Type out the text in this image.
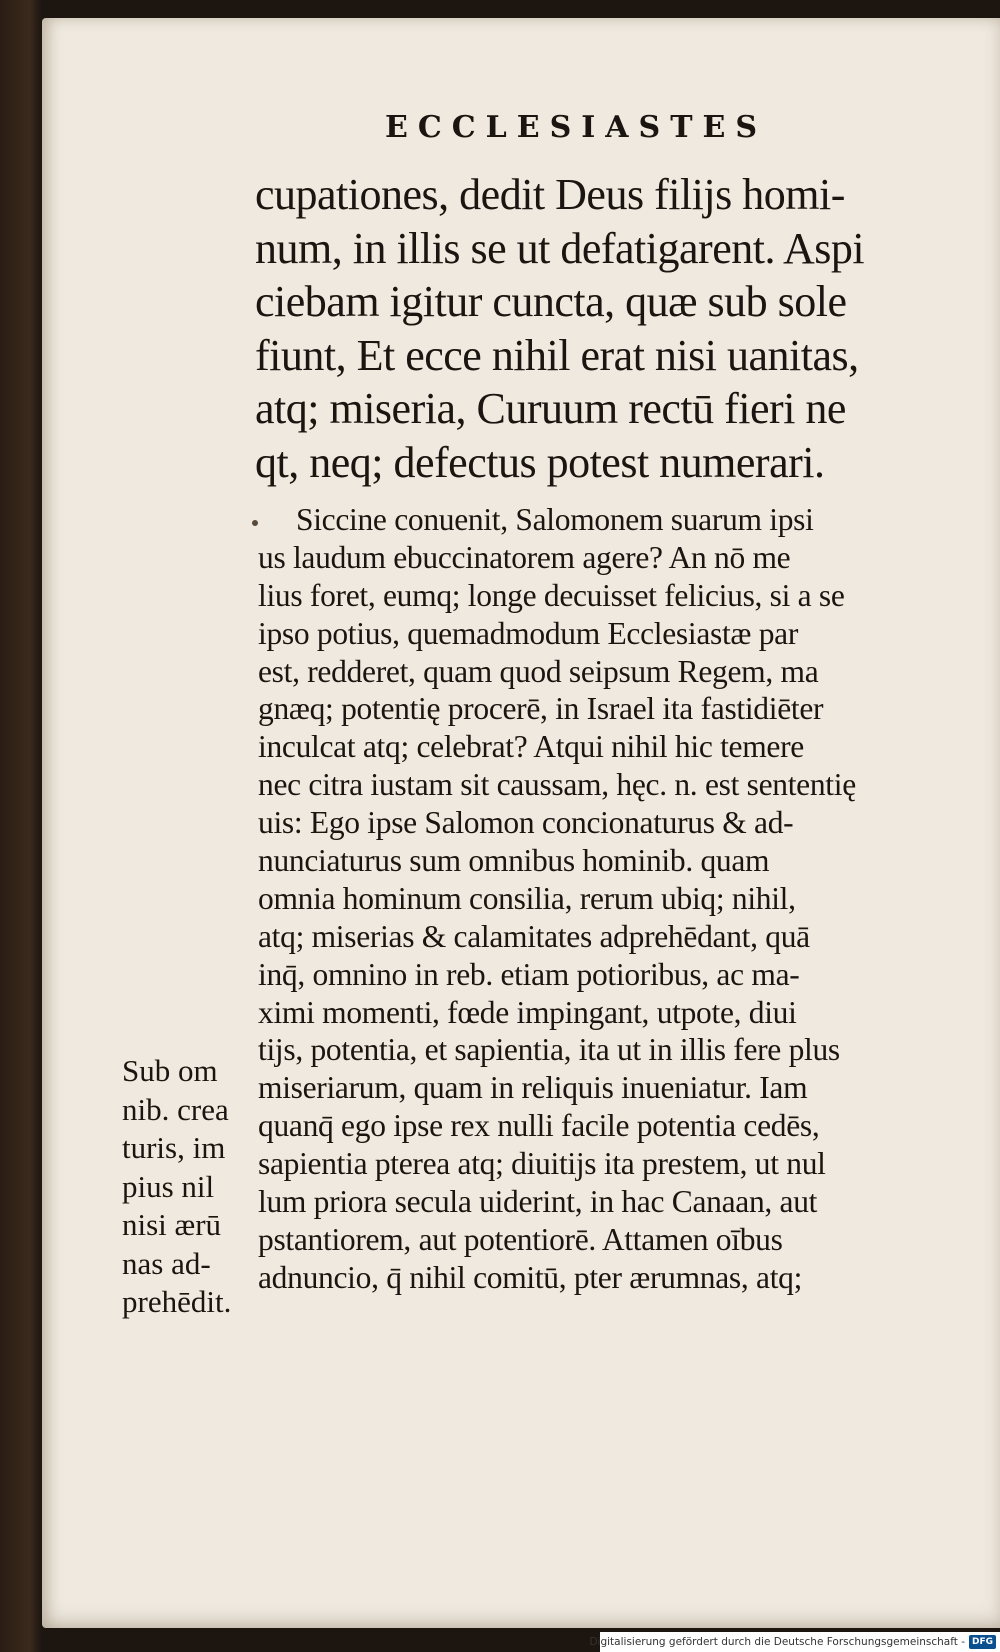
ECCLESIASTES
cupationes, dedit Deus filijs homi-
num, in illis se ut defatigarent. Aspi
ciebam igitur cuncta, quæ sub sole
fiunt, Et ecce nihil erat nisi uanitas,
atq; miseria, Curuum rectū fieri ne
qt, neq; defectus potest numerari.
Siccine conuenit, Salomonem suarum ipsi
us laudum ebuccinatorem agere? An nō me
lius foret, eumq; longe decuisset felicius, si a se
ipso potius, quemadmodum Ecclesiastæ par
est, redderet, quam quod seipsum Regem, ma
gnæq; potentię procerē, in Israel ita fastidiēter
inculcat atq; celebrat? Atqui nihil hic temere
nec citra iustam sit caussam, hęc. n. est sententię
uis: Ego ipse Salomon concionaturus & ad-
nunciaturus sum omnibus hominib. quam
omnia hominum consilia, rerum ubiq; nihil,
atq; miserias & calamitates adprehēdant, quā
inq̄, omnino in reb. etiam potioribus, ac ma-
ximi momenti, fœde impingant, utpote, diui
tijs, potentia, et sapientia, ita ut in illis fere plus
miseriarum, quam in reliquis inueniatur. Iam
quanq̄ ego ipse rex nulli facile potentia cedēs,
sapientia pterea atq; diuitijs ita prestem, ut nul
lum priora secula uiderint, in hac Canaan, aut
pstantiorem, aut potentiorē. Attamen oībus
adnuncio, q̄ nihil comitū, pter ærumnas, atq;
Sub om
nib. crea
turis, im
pius nil
nisi ærū
nas ad-
prehēdit.
Digitalisierung gefördert durch die Deutsche Forschungsgemeinschaft - DFG
